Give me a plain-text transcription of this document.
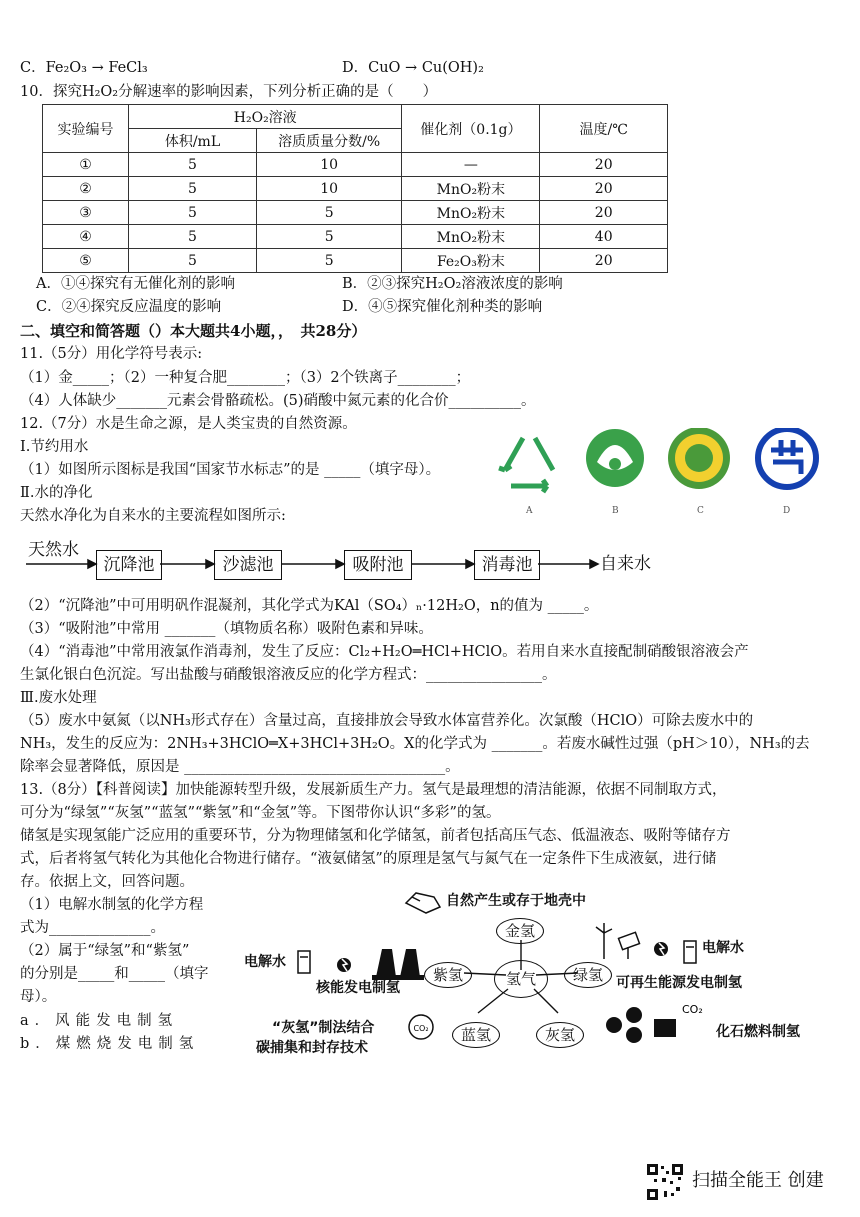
C．Fe₂O₃ → FeCl₃	D．CuO → Cu(OH)₂
10．探究H₂O₂分解速率的影响因素，下列分析正确的是（　　）
实验编号	H₂O₂溶液		催化剂（0.1g）	温度/℃
	体积/mL	溶质质量分数/%		
①	5	10	—	20
②	5	10	MnO₂粉末	20
③	5	5	MnO₂粉末	20
④	5	5	MnO₂粉末	40
⑤	5	5	Fe₂O₃粉末	20
A．①④探究有无催化剂的影响	B．②③探究H₂O₂溶液浓度的影响
C．②④探究反应温度的影响	D．④⑤探究催化剂种类的影响
二、填空和简答题（）本大题共4小题，，　共28分）
11.（5分）用化学符号表示:
（1）金_____；（2）一种复合肥________；（3）2个铁离子________；
（4）人体缺少_______元素会骨骼疏松。(5)硝酸中氮元素的化合价__________。
12.（7分）水是生命之源，是人类宝贵的自然资源。
Ⅰ.节约用水
（1）如图所示图标是我国“国家节水标志”的是 _____（填字母）。
Ⅱ.水的净化
天然水净化为自来水的主要流程如图所示:	A	B	C	D
天然水
沉降池	沙滤池	吸附池	消毒池	自来水
（2）“沉降池”中可用明矾作混凝剂，其化学式为KAl（SO₄）ₙ·12H₂O，n的值为 _____。
（3）“吸附池”中常用 _______（填物质名称）吸附色素和异味。
（4）“消毒池”中常用液氯作消毒剂，发生了反应：Cl₂+H₂O═HCl+HClO。若用自来水直接配制硝酸银溶液会产
生氯化银白色沉淀。写出盐酸与硝酸银溶液反应的化学方程式：________________。
Ⅲ.废水处理
（5）废水中氨氮（以NH₃形式存在）含量过高，直接排放会导致水体富营养化。次氯酸（HClO）可除去废水中的
NH₃，发生的反应为：2NH₃+3HClO═X+3HCl+3H₂O。X的化学式为 _______。若废水碱性过强（pH＞10），NH₃的去
除率会显著降低，原因是 ____________________________________。
13.（8分）【科普阅读】加快能源转型升级，发展新质生产力。氢气是最理想的清洁能源，依据不同制取方式，
可分为“绿氢”“灰氢”“蓝氢”“紫氢”和“金氢”等。下图带你认识“多彩”的氢。
储氢是实现氢能广泛应用的重要环节，分为物理储氢和化学储氢，前者包括高压气态、低温液态、吸附等储存方
式，后者将氢气转化为其他化合物进行储存。“液氨储氢”的原理是氢气与氮气在一定条件下生成液氨，进行储
存。依据上文，回答问题。
（1）电解水制氢的化学方程
式为______________。
（2）属于“绿氢”和“紫氢”
的分别是_____和_____（填字
母）。
a．风能发电制氢
b．煤燃烧发电制氢
CO₂
CO₂
氢气
金氢
紫氢	绿氢
蓝氢	灰氢
自然产生或存于地壳中
电解水
核能发电制氢
“灰氢”制法结合
碳捕集和封存技术
电解水
可再生能源发电制氢
化石燃料制氢
扫描全能王 创建
